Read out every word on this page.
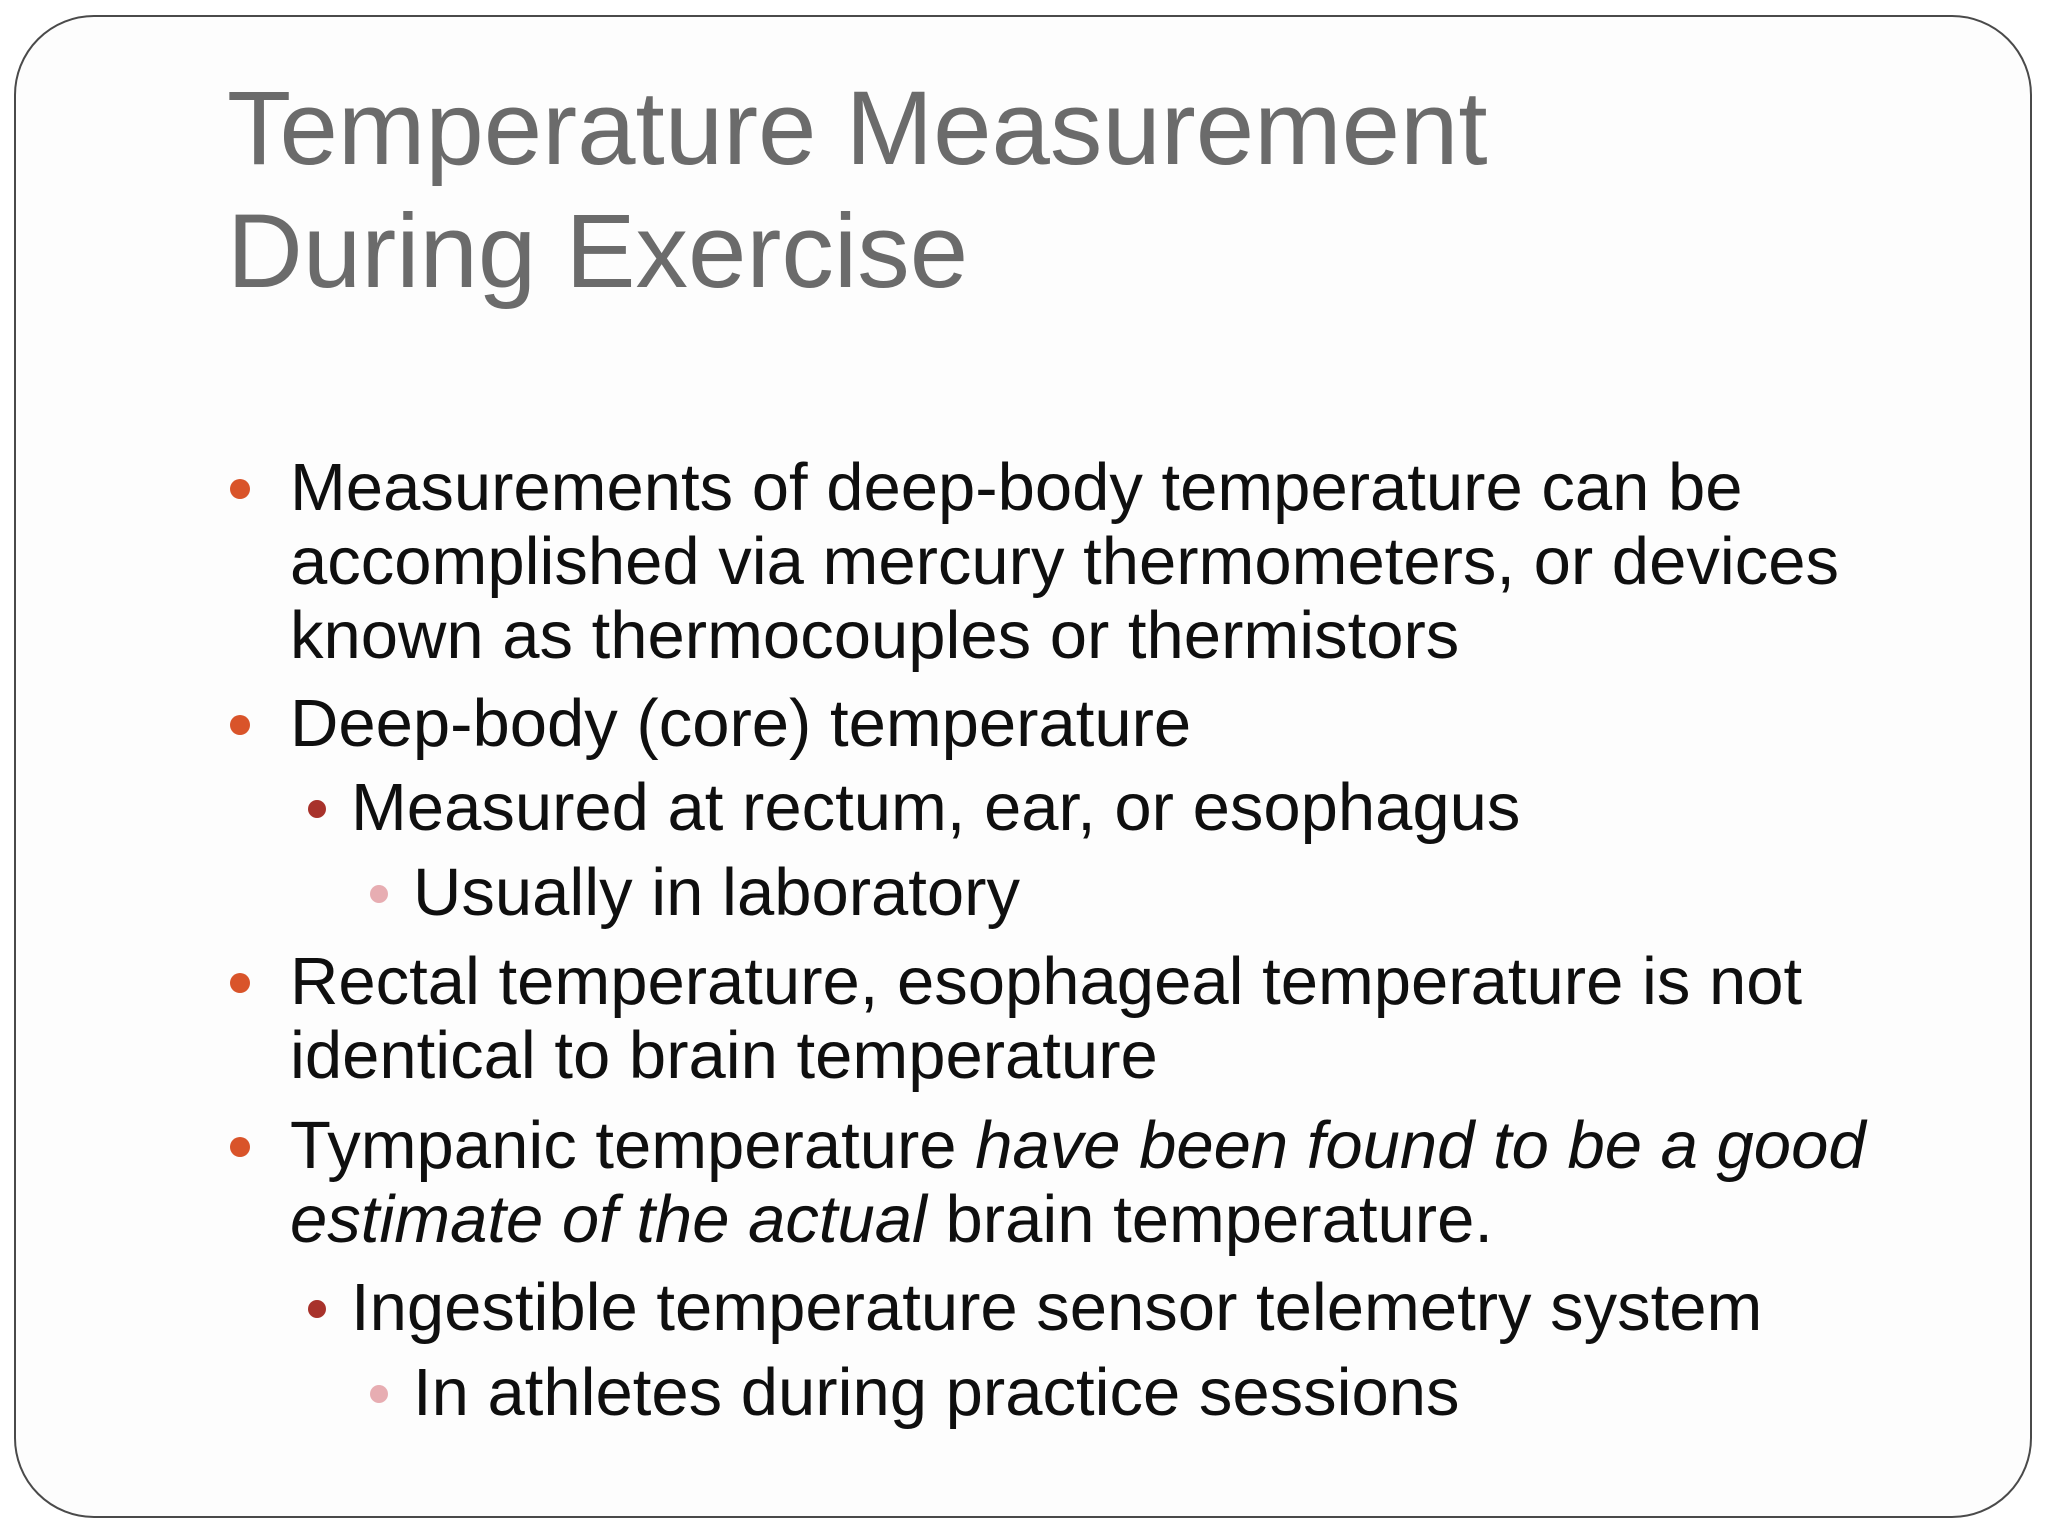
Temperature Measurement
During Exercise
Measurements of deep-body temperature can be
accomplished via mercury thermometers, or devices
known as thermocouples or thermistors
Deep-body (core) temperature
Measured at rectum, ear, or esophagus
Usually in laboratory
Rectal temperature, esophageal temperature is not
identical to brain temperature
Tympanic temperature have been found to be a good
estimate of the actual brain temperature.
Ingestible temperature sensor telemetry system
In athletes during practice sessions
